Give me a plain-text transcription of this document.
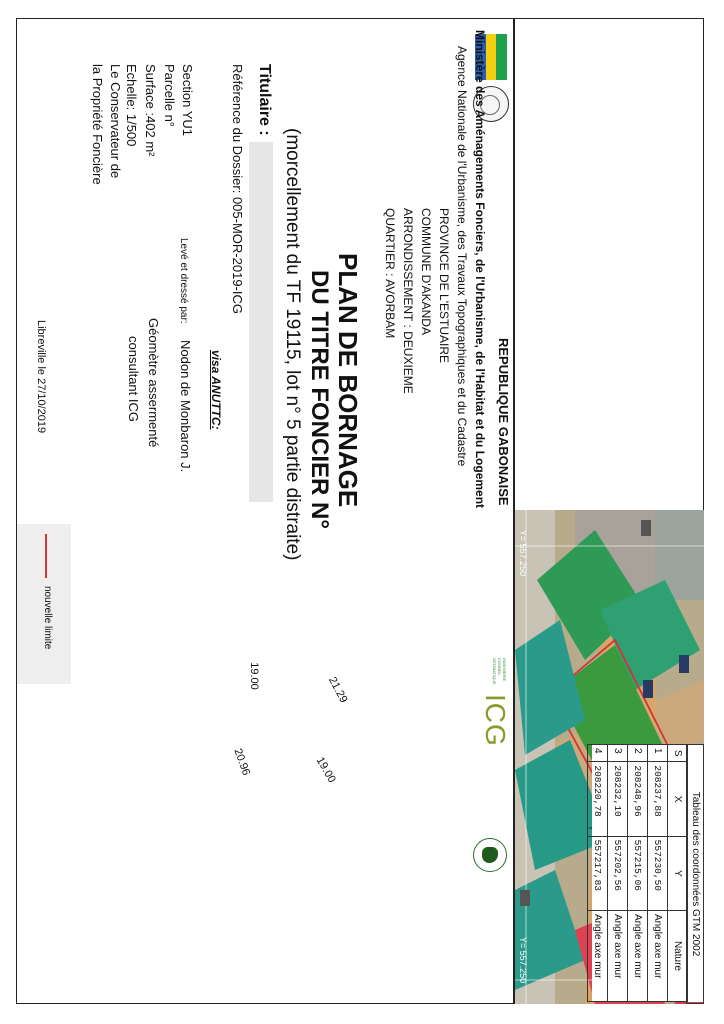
REPUBLIQUE GABONAISE
Ministère des Aménagements Fonciers, de l'Urbanisme, de l'Habitat et du Logement
Agence Nationale de l'Urbanisme, des Travaux Topographiques et du Cadastre
PROVINCE DE L'ESTUAIRE
COMMUNE D'AKANDA
ARRONDISSEMENT : DEUXIEME
QUARTIER : AVORBAM
INGENIERIE CONSEIL GEOMATIQUE
ICG
PLAN DE BORNAGE
DU TITRE FONCIER N°
(morcellement du TF 19115, lot n° 5 partie distraite)
Titulaire :
Référence du Dossier: 005-MOR-2019-ICG
visa ANUTTC:
Section YU1
Parcelle n°
Surface :402 m²
Echelle: 1/500
Levé et dressé par:
Nodon de Monbaron J.
Géomètre assermenté
consultant ICG
Le Conservateur de
la Propriété Foncière
Libreville le 27/10/2019
Y= 557.250
Y= 557.200
Y= 557.250
Y= 557.200
X= 208.250
1
2
3
4
21.29
19.00
19.00
20.96
nouvelle limite
Tableau des coordonnées GTM 2002
S	X	Y	Nature
1	208237,88	557230,50	Angle axe mur
2	208248,96	557215,06	Angle axe mur
3	208232,10	557202,56	Angle axe mur
4	208220,78	557217,83	Angle axe mur
